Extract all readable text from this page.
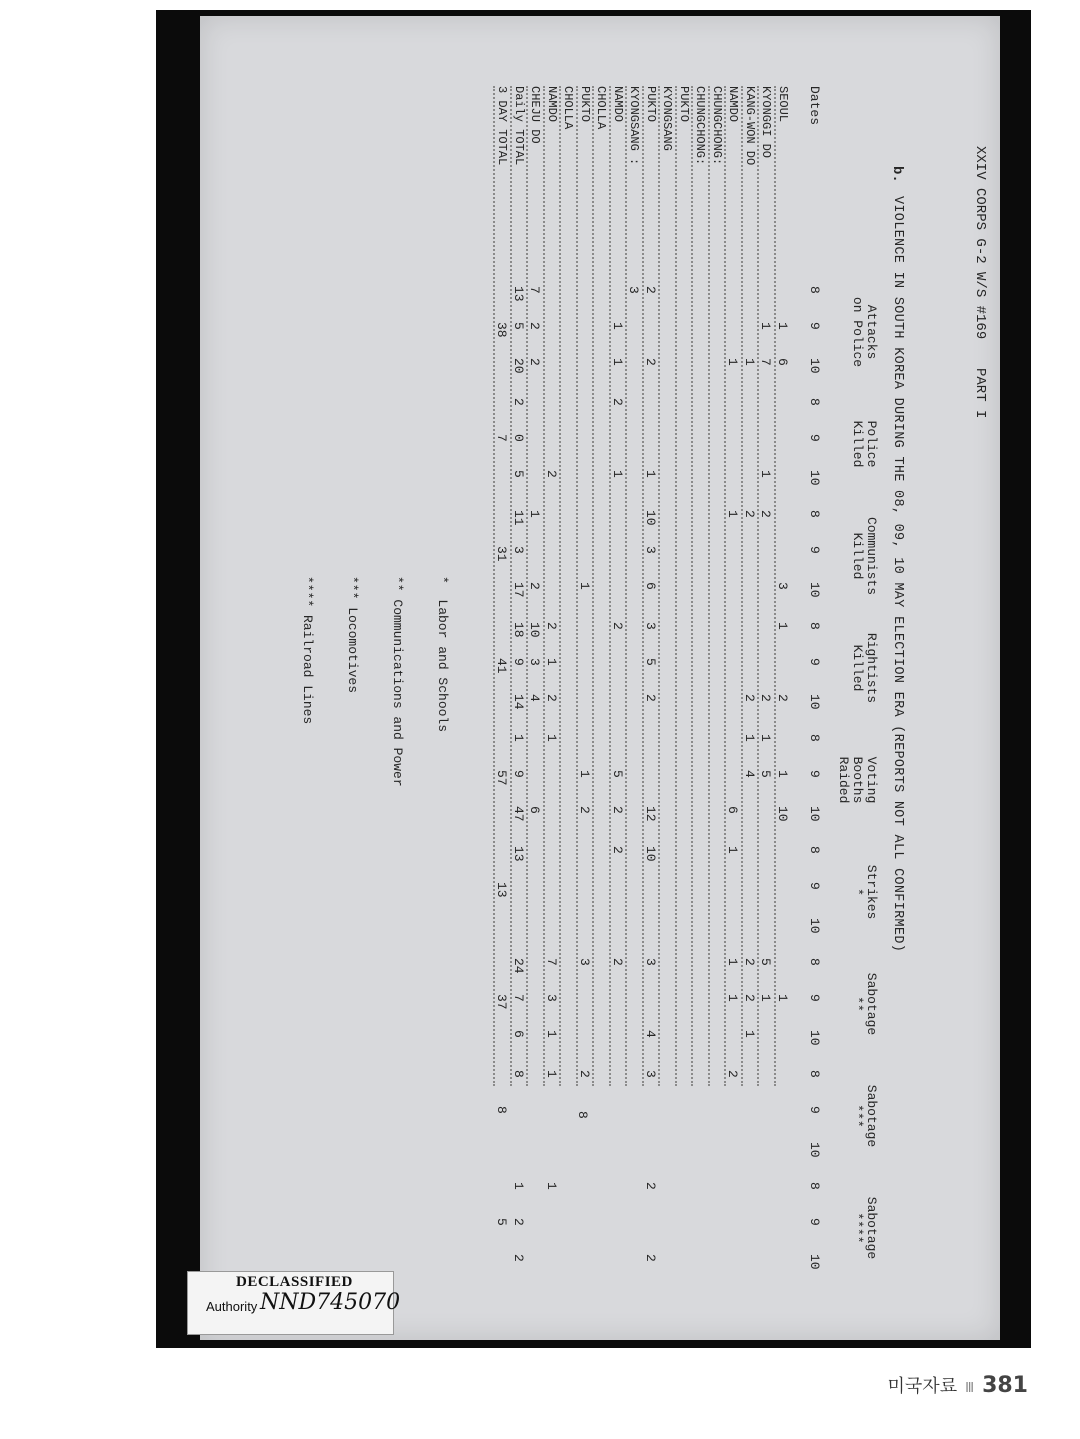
XXIV CORPS G-2 W/S #169
PART I
b.
VIOLENCE IN SOUTH KOREA DURING THE 08, 09, 10 MAY ELECTION ERA (REPORTS NOT ALL CONFIRMED)
Attacks
on Police
Police
Killed
Communists
Killed
Rightists
Killed
Voting
Booths
Raided
Strikes
*
Sabotage
**
Sabotage
***
Sabotage
****
Dates
8
9
10
8
9
10
8
9
10
8
9
10
8
9
10
8
9
10
8
9
10
8
9
10
8
9
10
SEOUL
1
6
3
1
2
1
10
1
KYONGGI DO
1
7
1
2
2
1
5
5
1
KANG-WON DO
1
2
2
1
4
2
2
1
NAMDO
1
1
6
1
1
1
2
CHUNGCHONG:
CHUNGCHONG:
PUKTO
KYONGSANG
PUKTO
2
2
1
10
3
6
3
5
2
12
10
3
4
3
2
2
KYONGSANG :
3
NAMDO
1
1
2
1
2
5
2
2
2
CHOLLA
PUKTO
1
1
2
3
2
CHOLLA
NAMDO
2
2
1
2
1
7
3
1
1
1
CHEJU DO
7
2
2
1
2
10
3
4
6
Daily TOTAL
13
5
20
2
0
5
11
3
17
18
9
14
1
9
47
13
24
7
6
8
1
2
2
3 DAY TOTAL
38
7
31
41
57
13
37
8
5

*  Labor and Schools

** Communications and Power

*** Locomotives

**** Railroad Lines

8
DECLASSIFIED
Authority NND745070
미국자료 Ⅲ 381
